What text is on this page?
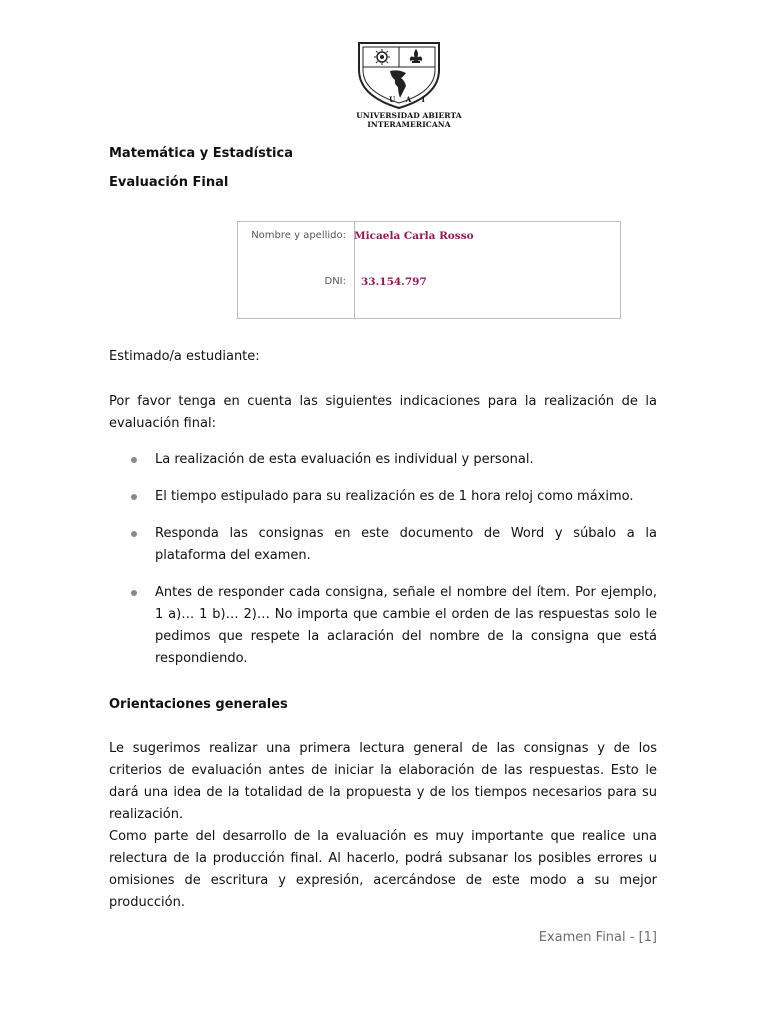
U A I
UNIVERSIDAD ABIERTA
INTERAMERICANA
Matemática y Estadística
Evaluación Final
Nombre y apellido: Micaela Carla Rosso
DNI: 33.154.797
Estimado/a estudiante:
Por favor tenga en cuenta las siguientes indicaciones para la realización de la evaluación final:
La realización de esta evaluación es individual y personal.
El tiempo estipulado para su realización es de 1 hora reloj como máximo.
Responda las consignas en este documento de Word y súbalo a la plataforma del examen.
Antes de responder cada consigna, señale el nombre del ítem. Por ejemplo, 1 a)… 1 b)… 2)… No importa que cambie el orden de las respuestas solo le pedimos que respete la aclaración del nombre de la consigna que está respondiendo.
Orientaciones generales
Le sugerimos realizar una primera lectura general de las consignas y de los criterios de evaluación antes de iniciar la elaboración de las respuestas. Esto le dará una idea de la totalidad de la propuesta y de los tiempos necesarios para su realización.
Como parte del desarrollo de la evaluación es muy importante que realice una relectura de la producción final. Al hacerlo, podrá subsanar los posibles errores u omisiones de escritura y expresión, acercándose de este modo a su mejor producción.
Examen Final - [1]
